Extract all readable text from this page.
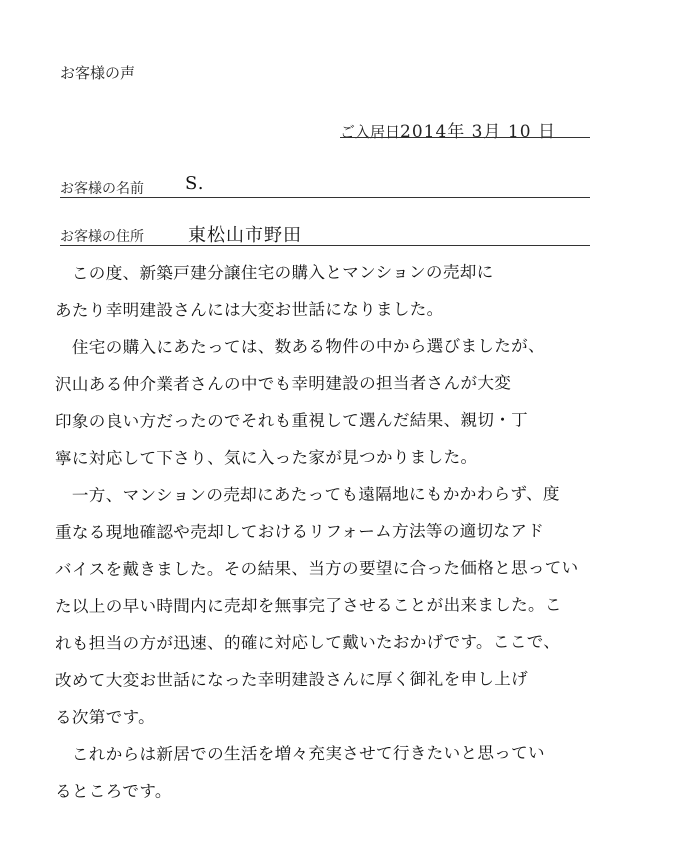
お客様の声
ご入居日2014年 3月 10 日
お客様の名前 S.
お客様の住所 東松山市野田
　この度、新築戸建分譲住宅の購入とマンションの売却に
あたり幸明建設さんには大変お世話になりました。
　住宅の購入にあたっては、数ある物件の中から選びましたが、
沢山ある仲介業者さんの中でも幸明建設の担当者さんが大変
印象の良い方だったのでそれも重視して選んだ結果、親切・丁
寧に対応して下さり、気に入った家が見つかりました。
　一方、マンションの売却にあたっても遠隔地にもかかわらず、度
重なる現地確認や売却しておけるリフォーム方法等の適切なアド
バイスを戴きました。その結果、当方の要望に合った価格と思ってい
た以上の早い時間内に売却を無事完了させることが出来ました。こ
れも担当の方が迅速、的確に対応して戴いたおかげです。ここで、
改めて大変お世話になった幸明建設さんに厚く御礼を申し上げ
る次第です。
　これからは新居での生活を増々充実させて行きたいと思ってい
るところです。
